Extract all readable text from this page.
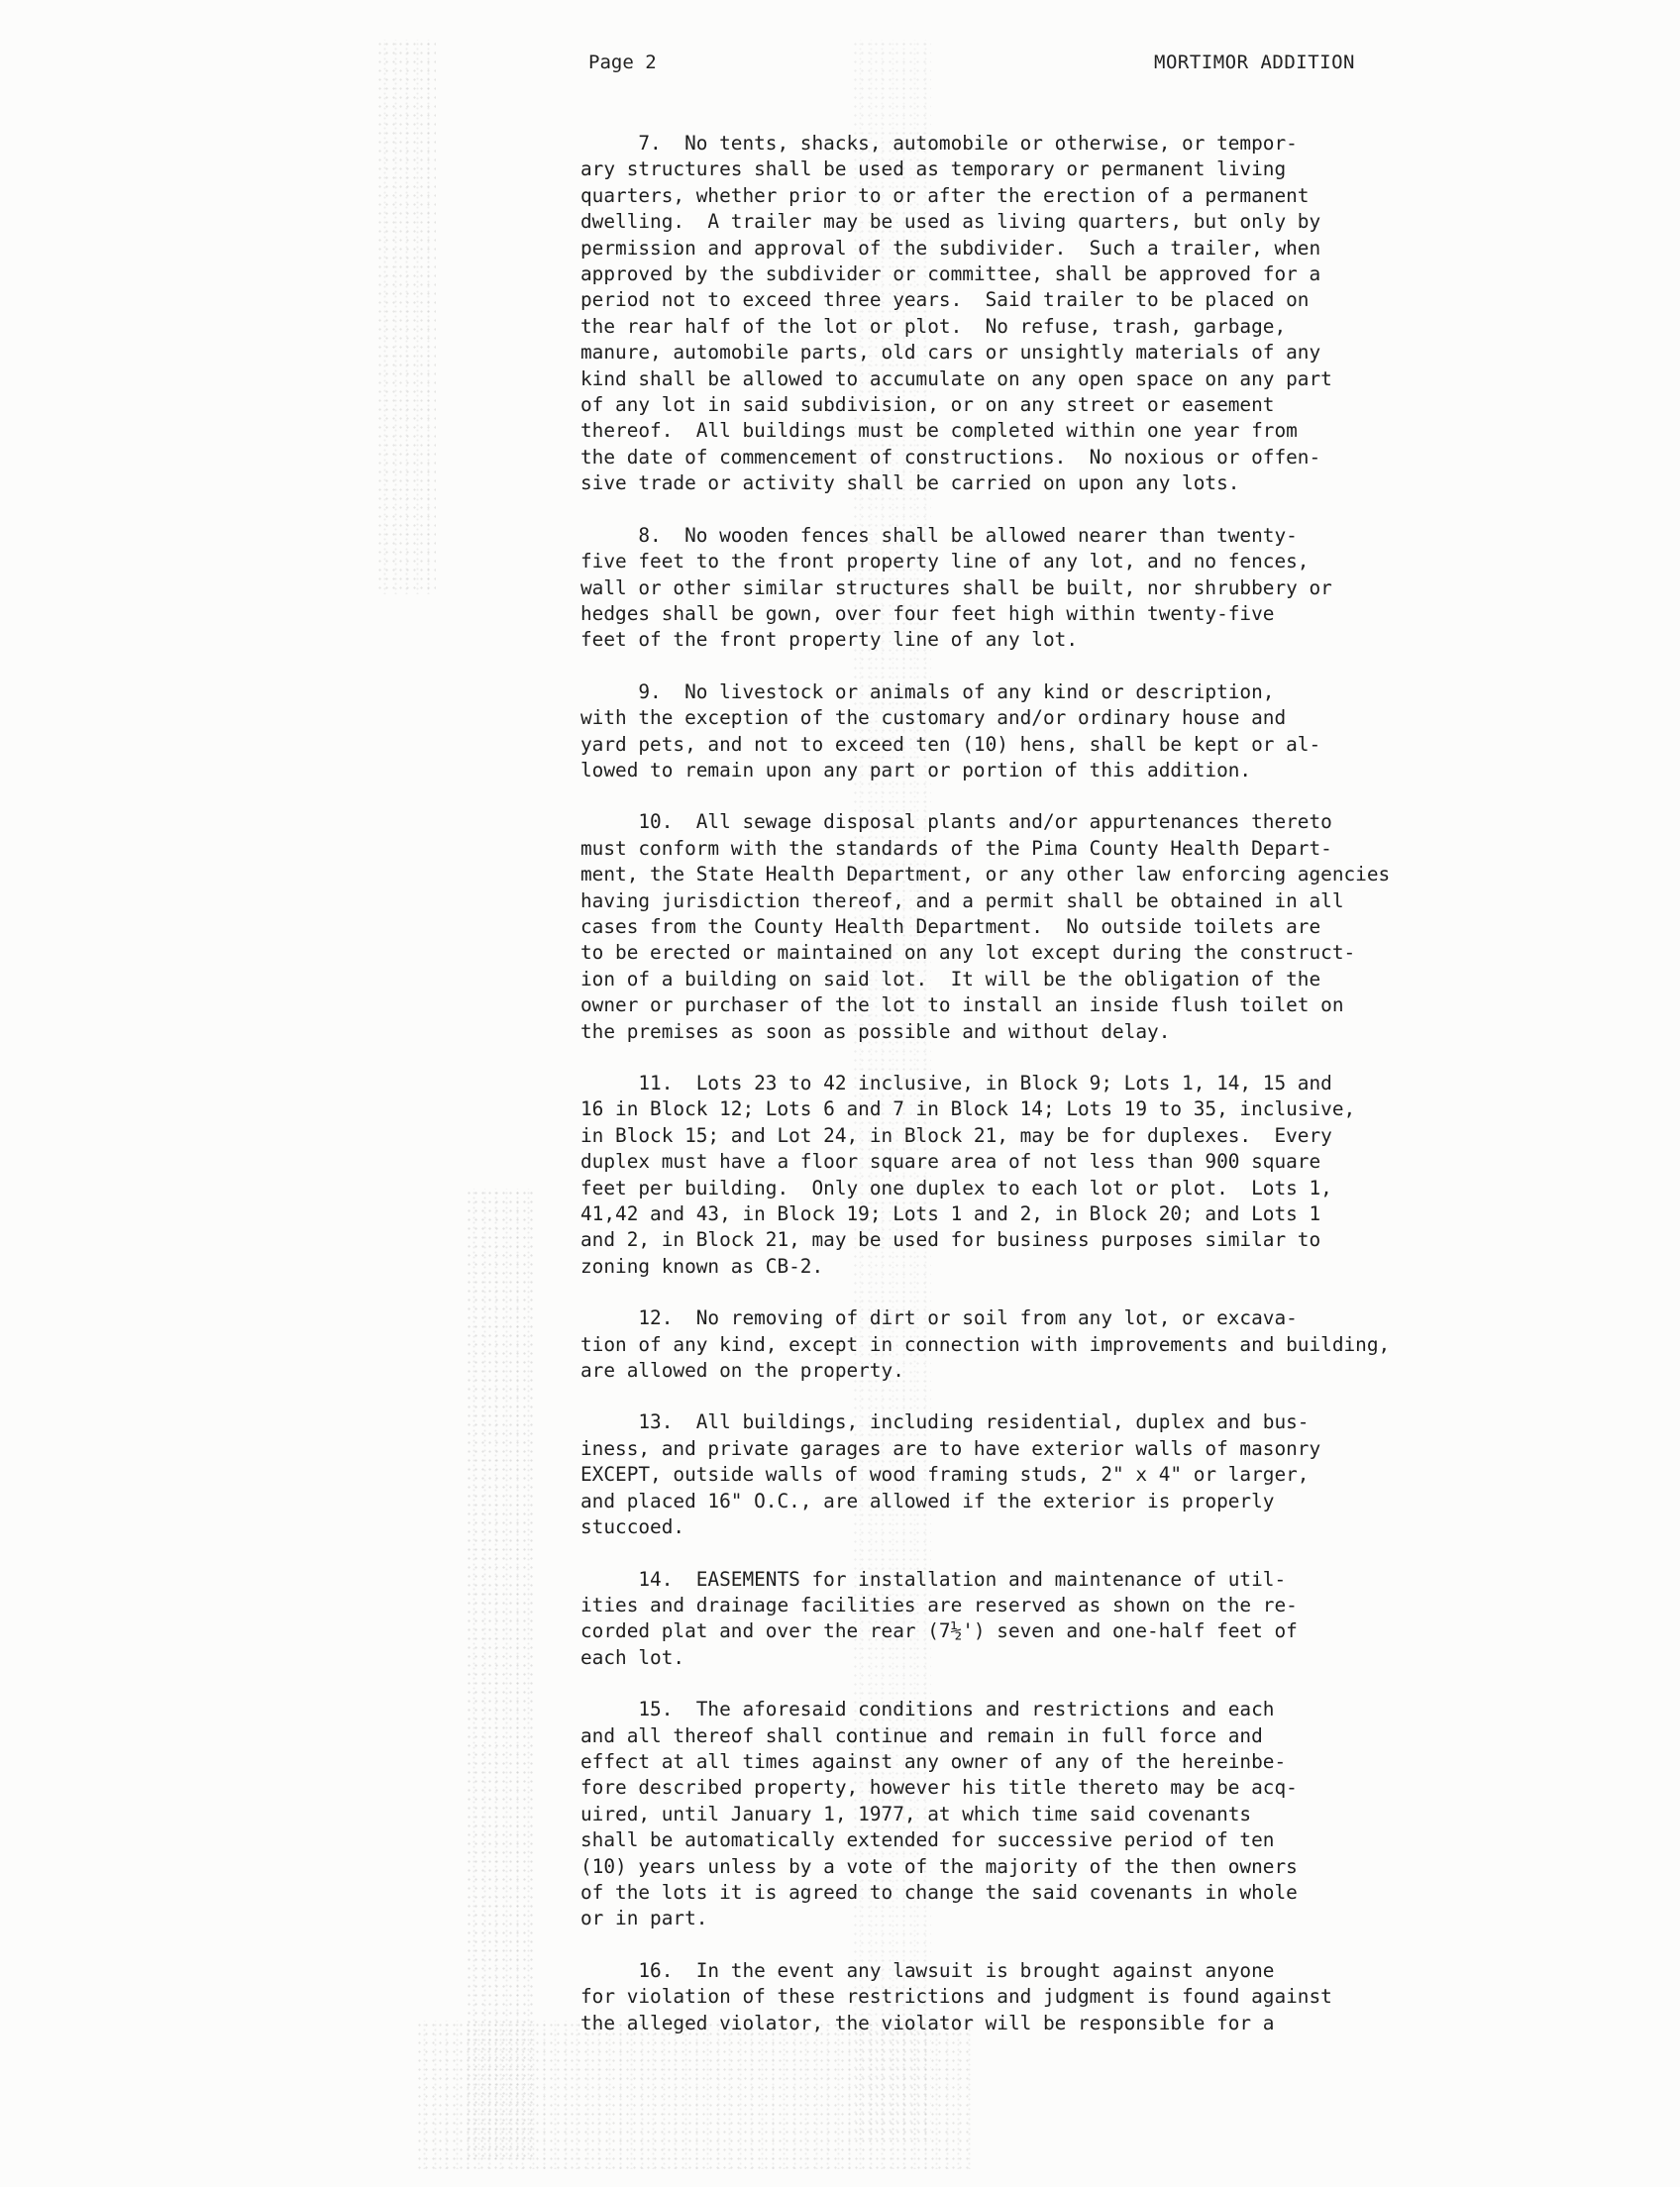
Page 2	MORTIMOR ADDITION
7.  No tents, shacks, automobile or otherwise, or tempor-
ary structures shall be used as temporary or permanent living
quarters, whether prior to or after the erection of a permanent
dwelling.  A trailer may be used as living quarters, but only by
permission and approval of the subdivider.  Such a trailer, when
approved by the subdivider or committee, shall be approved for a
period not to exceed three years.  Said trailer to be placed on
the rear half of the lot or plot.  No refuse, trash, garbage,
manure, automobile parts, old cars or unsightly materials of any
kind shall be allowed to accumulate on any open space on any part
of any lot in said subdivision, or on any street or easement
thereof.  All buildings must be completed within one year from
the date of commencement of constructions.  No noxious or offen-
sive trade or activity shall be carried on upon any lots.
8.  No wooden fences shall be allowed nearer than twenty-
five feet to the front property line of any lot, and no fences,
wall or other similar structures shall be built, nor shrubbery or
hedges shall be gown, over four feet high within twenty-five
feet of the front property line of any lot.
9.  No livestock or animals of any kind or description,
with the exception of the customary and/or ordinary house and
yard pets, and not to exceed ten (10) hens, shall be kept or al-
lowed to remain upon any part or portion of this addition.
10.  All sewage disposal plants and/or appurtenances thereto
must conform with the standards of the Pima County Health Depart-
ment, the State Health Department, or any other law enforcing agencies
having jurisdiction thereof, and a permit shall be obtained in all
cases from the County Health Department.  No outside toilets are
to be erected or maintained on any lot except during the construct-
ion of a building on said lot.  It will be the obligation of the
owner or purchaser of the lot to install an inside flush toilet on
the premises as soon as possible and without delay.
11.  Lots 23 to 42 inclusive, in Block 9; Lots 1, 14, 15 and
16 in Block 12; Lots 6 and 7 in Block 14; Lots 19 to 35, inclusive,
in Block 15; and Lot 24, in Block 21, may be for duplexes.  Every
duplex must have a floor square area of not less than 900 square
feet per building.  Only one duplex to each lot or plot.  Lots 1,
41,42 and 43, in Block 19; Lots 1 and 2, in Block 20; and Lots 1
and 2, in Block 21, may be used for business purposes similar to
zoning known as CB-2.
12.  No removing of dirt or soil from any lot, or excava-
tion of any kind, except in connection with improvements and building,
are allowed on the property.
13.  All buildings, including residential, duplex and bus-
iness, and private garages are to have exterior walls of masonry
EXCEPT, outside walls of wood framing studs, 2" x 4" or larger,
and placed 16" O.C., are allowed if the exterior is properly
stuccoed.
14.  EASEMENTS for installation and maintenance of util-
ities and drainage facilities are reserved as shown on the re-
corded plat and over the rear (7½') seven and one-half feet of
each lot.
15.  The aforesaid conditions and restrictions and each
and all thereof shall continue and remain in full force and
effect at all times against any owner of any of the hereinbe-
fore described property, however his title thereto may be acq-
uired, until January 1, 1977, at which time said covenants
shall be automatically extended for successive period of ten
(10) years unless by a vote of the majority of the then owners
of the lots it is agreed to change the said covenants in whole
or in part.
16.  In the event any lawsuit is brought against anyone
for violation of these restrictions and judgment is found against
the alleged violator, the violator will be responsible for a
